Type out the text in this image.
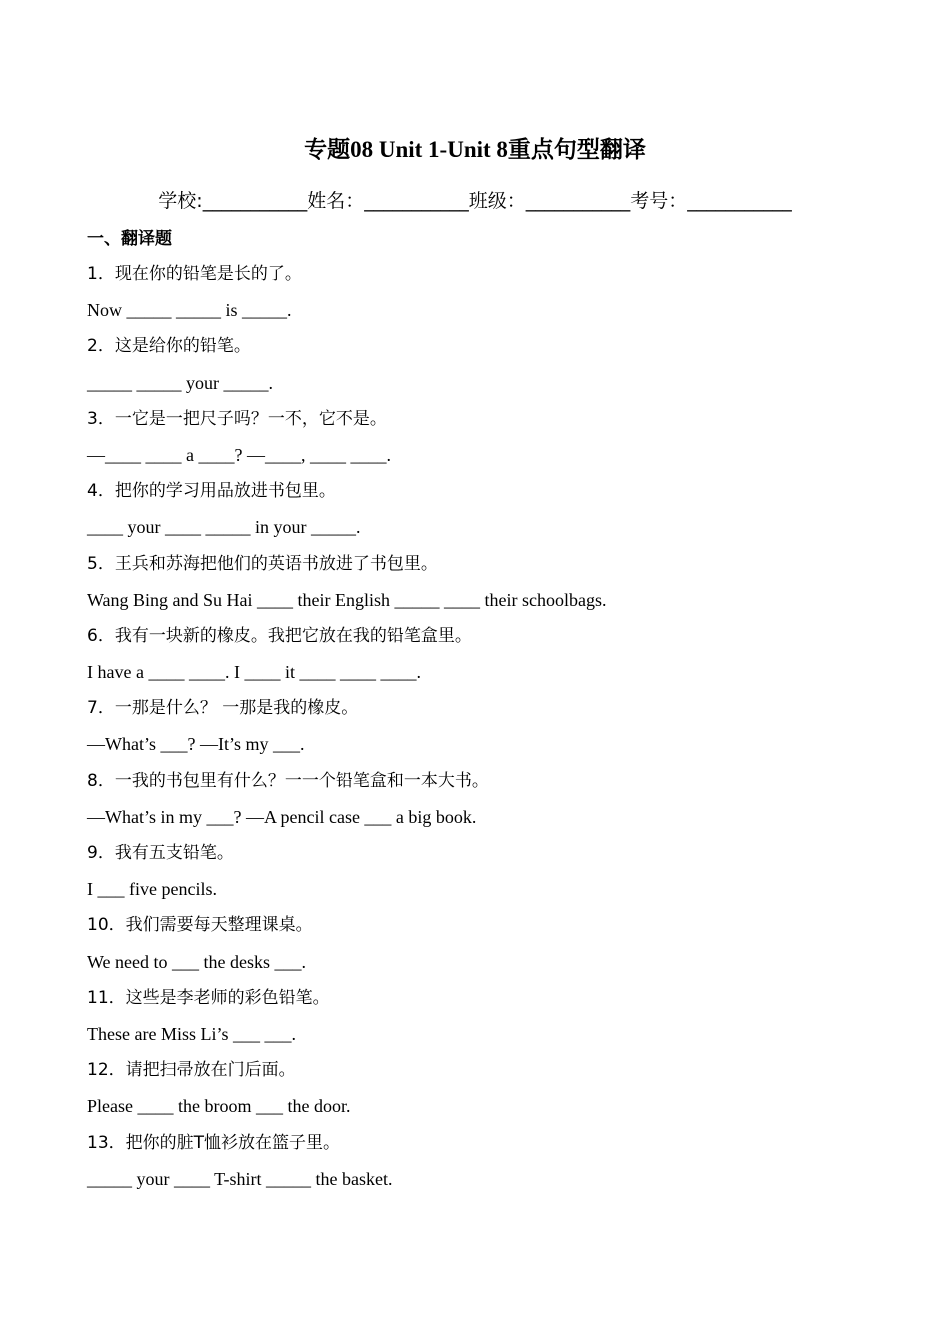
专题08 Unit 1-Unit 8重点句型翻译
学校:___________姓名：___________班级：___________考号：___________
一、翻译题
1．现在你的铅笔是长的了。
Now _____ _____ is _____.
2．这是给你的铅笔。
_____ _____ your _____.
3．一它是一把尺子吗？一不，它不是。
—____ ____ a ____? —____, ____ ____.
4．把你的学习用品放进书包里。
____ your ____ _____ in your _____.
5．王兵和苏海把他们的英语书放进了书包里。
Wang Bing and Su Hai ____ their English _____ ____ their schoolbags.
6．我有一块新的橡皮。我把它放在我的铅笔盒里。
I have a ____ ____. I ____ it ____ ____ ____.
7．一那是什么？ 一那是我的橡皮。
—What’s ___? —It’s my ___.
8．一我的书包里有什么？一一个铅笔盒和一本大书。
—What’s in my ___? —A pencil case ___ a big book.
9．我有五支铅笔。
I ___ five pencils.
10．我们需要每天整理课桌。
We need to ___ the desks ___.
11．这些是李老师的彩色铅笔。
These are Miss Li’s ___ ___.
12．请把扫帚放在门后面。
Please ____ the broom ___ the door.
13．把你的脏T恤衫放在篮子里。
_____ your ____ T-shirt _____ the basket.
